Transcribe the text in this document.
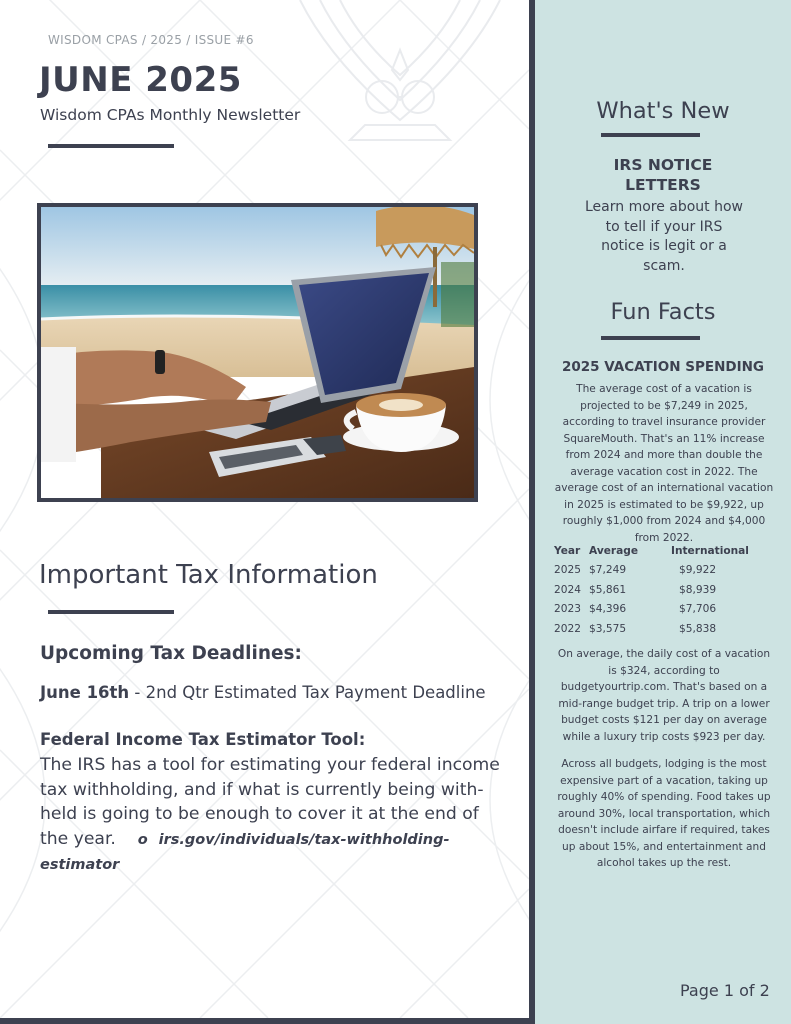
WISDOM CPAS / 2025 / ISSUE #6
JUNE 2025
Wisdom CPAs Monthly Newsletter
Important Tax Information
Upcoming Tax Deadlines:
June 16th - 2nd Qtr Estimated Tax Payment Deadline
Federal Income Tax Estimator Tool:
The IRS has a tool for estimating your federal income tax withholding, and if what is currently being with-held is going to be enough to cover it at the end of the year. o irs.gov/individuals/tax-withholding-estimator
What's New
IRS NOTICE
LETTERS
Learn more about how to tell if your IRS notice is legit or a scam.
Fun Facts
2025 VACATION SPENDING
The average cost of a vacation is projected to be $7,249 in 2025, according to travel insurance provider SquareMouth. That's an 11% increase from 2024 and more than double the average vacation cost in 2022. The average cost of an international vacation in 2025 is estimated to be $9,922, up roughly $1,000 from 2024 and $4,000 from 2022.
Year	Average	International
2025	$7,249	$9,922
2024	$5,861	$8,939
2023	$4,396	$7,706
2022	$3,575	$5,838
On average, the daily cost of a vacation is $324, according to budgetyourtrip.com. That's based on a mid-range budget trip. A trip on a lower budget costs $121 per day on average while a luxury trip costs $923 per day.
Across all budgets, lodging is the most expensive part of a vacation, taking up roughly 40% of spending. Food takes up around 30%, local transportation, which doesn't include airfare if required, takes up about 15%, and entertainment and alcohol takes up the rest.
Page 1 of 2
